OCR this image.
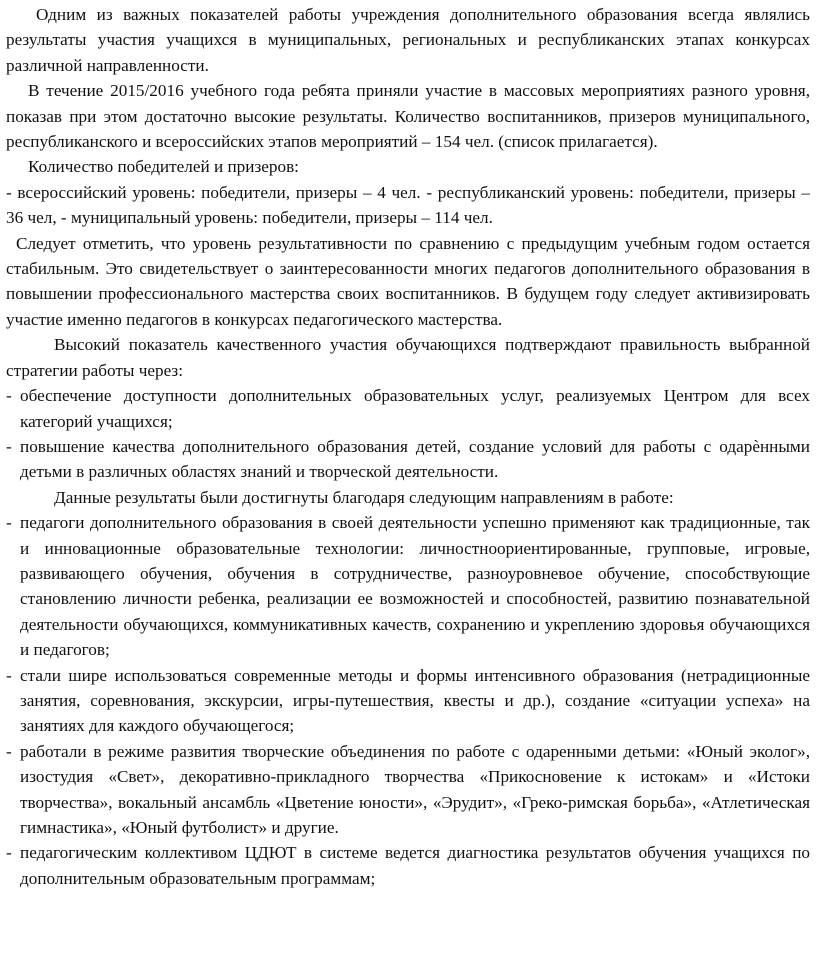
Одним из важных показателей работы учреждения дополнительного образования всегда являлись результаты участия учащихся в муниципальных, региональных и республиканских этапах конкурсах различной направленности.

В течение 2015/2016 учебного года ребята приняли участие в массовых мероприятиях разного уровня, показав при этом достаточно высокие результаты. Количество воспитанников, призеров муниципального, республиканского и всероссийских этапов мероприятий – 154 чел. (список прилагается).

Количество победителей и призеров:

- всероссийский уровень: победители, призеры – 4 чел. - республиканский уровень: победители, призеры – 36 чел, - муниципальный уровень: победители, призеры – 114 чел.

Следует отметить, что уровень результативности по сравнению с предыдущим учебным годом остается стабильным. Это свидетельствует о заинтересованности многих педагогов дополнительного образования в повышении профессионального мастерства своих воспитанников. В будущем году следует активизировать участие именно педагогов в конкурсах педагогического мастерства.

Высокий показатель качественного участия обучающихся подтверждают правильность выбранной стратегии работы через:

- обеспечение доступности дополнительных образовательных услуг, реализуемых Центром для всех категорий учащихся;
- повышение качества дополнительного образования детей, создание условий для работы с одарѐнными детьми в различных областях знаний и творческой деятельности.

Данные результаты были достигнуты благодаря следующим направлениям в работе:

- педагоги дополнительного образования в своей деятельности успешно применяют как традиционные, так и инновационные образовательные технологии: личностноориентированные, групповые, игровые, развивающего обучения, обучения в сотрудничестве, разноуровневое обучение, способствующие становлению личности ребенка, реализации ее возможностей и способностей, развитию познавательной деятельности обучающихся, коммуникативных качеств, сохранению и укреплению здоровья обучающихся и педагогов;
- стали шире использоваться современные методы и формы интенсивного образования (нетрадиционные занятия, соревнования, экскурсии, игры-путешествия, квесты и др.), создание «ситуации успеха» на занятиях для каждого обучающегося;
- работали в режиме развития творческие объединения по работе с одаренными детьми: «Юный эколог», изостудия «Свет», декоративно-прикладного творчества «Прикосновение к истокам» и «Истоки творчества», вокальный ансамбль «Цветение юности», «Эрудит», «Греко-римская борьба», «Атлетическая гимнастика», «Юный футболист» и другие.
- педагогическим коллективом ЦДЮТ в системе ведется диагностика результатов обучения учащихся по дополнительным образовательным программам;
